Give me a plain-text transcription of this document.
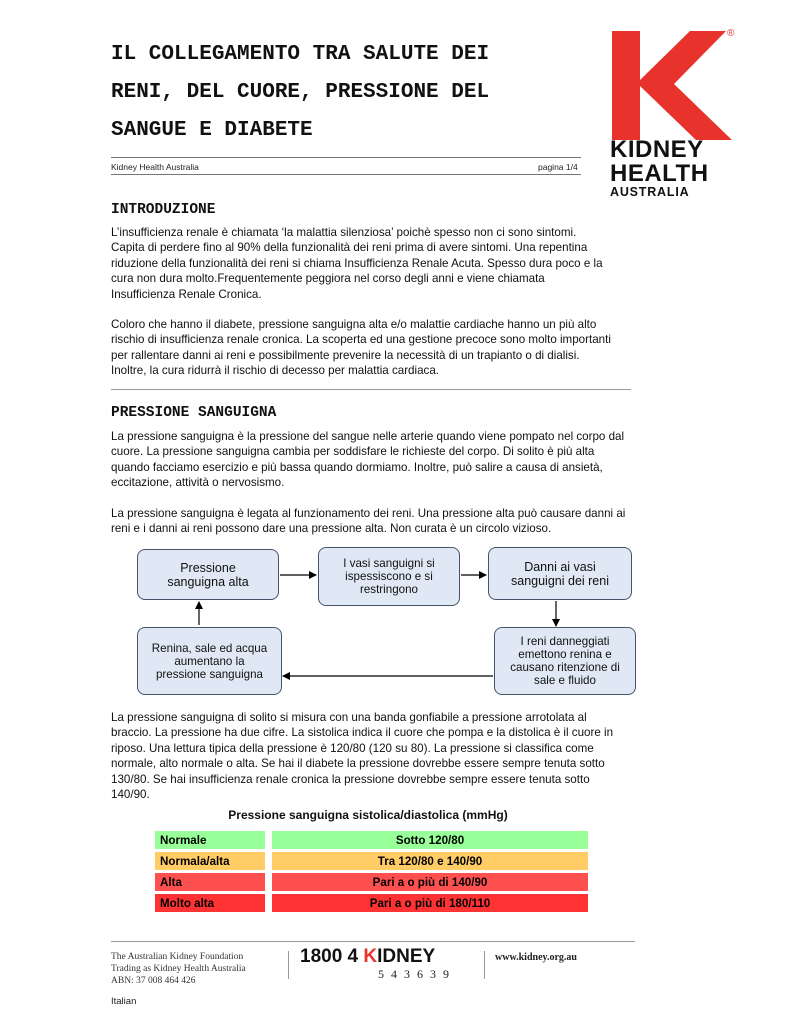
IL COLLEGAMENTO TRA SALUTE DEI
RENI, DEL CUORE, PRESSIONE DEL
SANGUE E DIABETE
®
KIDNEY
HEALTH
AUSTRALIA
Kidney Health Australia	pagina 1/4
INTRODUZIONE
L’insufficienza renale è chiamata ‘la malattia silenziosa’ poichè spesso non ci sono sintomi.
Capita di perdere fino al 90% della funzionalità dei reni prima di avere sintomi. Una repentina
riduzione della funzionalità dei reni si chiama Insufficienza Renale Acuta. Spesso dura poco e la
cura non dura molto.Frequentemente peggiora nel corso degli anni e viene chiamata
Insufficienza Renale Cronica.
Coloro che hanno il diabete, pressione sanguigna alta e/o malattie cardiache hanno un più alto
rischio di insufficienza renale cronica. La scoperta ed una gestione precoce sono molto importanti
per rallentare danni ai reni e possibilmente prevenire la necessità di un trapianto o di dialisi.
Inoltre, la cura ridurrà il rischio di decesso per malattia cardiaca.
PRESSIONE SANGUIGNA
La pressione sanguigna è la pressione del sangue nelle arterie quando viene pompato nel corpo dal
cuore. La pressione sanguigna cambia per soddisfare le richieste del corpo. Di solito è più alta
quando facciamo esercizio e più bassa quando dormiamo. Inoltre, può salire a causa di ansietà,
eccitazione, attività o nervosismo.
La pressione sanguigna è legata al funzionamento dei reni. Una pressione alta può causare danni ai
reni e i danni ai reni possono dare una pressione alta. Non curata è un circolo vizioso.
Pressione
sanguigna alta
I vasi sanguigni si
ispessiscono e si
restringono
Danni ai vasi
sanguigni dei reni
I reni danneggiati
emettono renina e
causano ritenzione di
sale e fluido
Renina, sale ed acqua
aumentano la
pressione sanguigna
La pressione sanguigna di solito si misura con una banda gonfiabile a pressione arrotolata al
braccio. La pressione ha due cifre. La sistolica indica il cuore che pompa e la distolica è il cuore in
riposo. Una lettura tipica della pressione è 120/80 (120 su 80). La pressione si classifica come
normale, alto normale o alta. Se hai il diabete la pressione dovrebbe essere sempre tenuta sotto
130/80. Se hai insufficienza renale cronica la pressione dovrebbe sempre essere tenuta sotto
140/90.
Pressione sanguigna sistolica/diastolica (mmHg)
Normale		Sotto 120/80
Normala/alta		Tra 120/80 e 140/90
Alta		Pari a o più di 140/90
Molto alta		Pari a o più di 180/110
The Australian Kidney Foundation
Trading as Kidney Health Australia
ABN: 37 008 464 426
1800 4 KIDNEY
5 4 3 6 3 9
www.kidney.org.au
Italian
